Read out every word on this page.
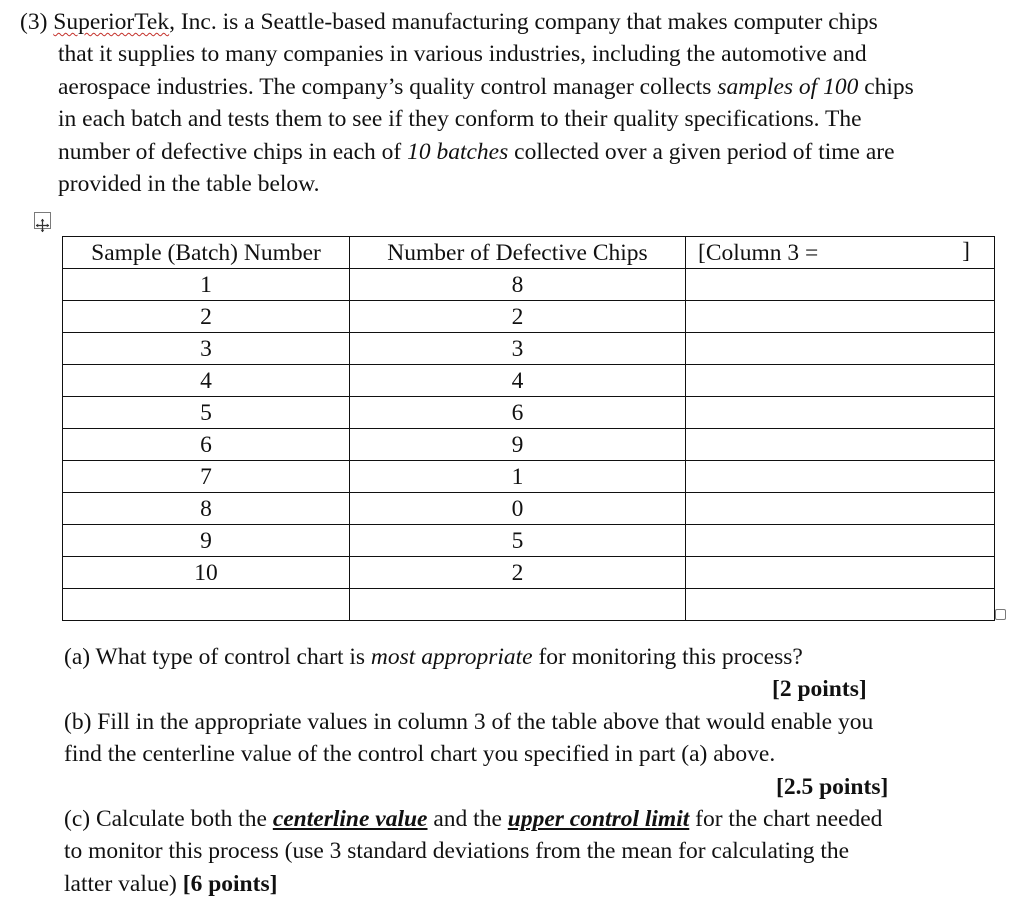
(3) SuperiorTek, Inc. is a Seattle-based manufacturing company that makes computer chips
that it supplies to many companies in various industries, including the automotive and
aerospace industries. The company’s quality control manager collects samples of 100 chips
in each batch and tests them to see if they conform to their quality specifications. The
number of defective chips in each of 10 batches collected over a given period of time are
provided in the table below.
Sample (Batch) Number	Number of Defective Chips	[Column 3 = ]

1	8	
2	2	
3	3	
4	4	
5	6	
6	9	
7	1	
8	0	
9	5	
10	2	

(a) What type of control chart is most appropriate for monitoring this process?
[2 points]
(b) Fill in the appropriate values in column 3 of the table above that would enable you
find the centerline value of the control chart you specified in part (a) above.
[2.5 points]
(c) Calculate both the centerline value and the upper control limit for the chart needed
to monitor this process (use 3 standard deviations from the mean for calculating the
latter value) [6 points]
